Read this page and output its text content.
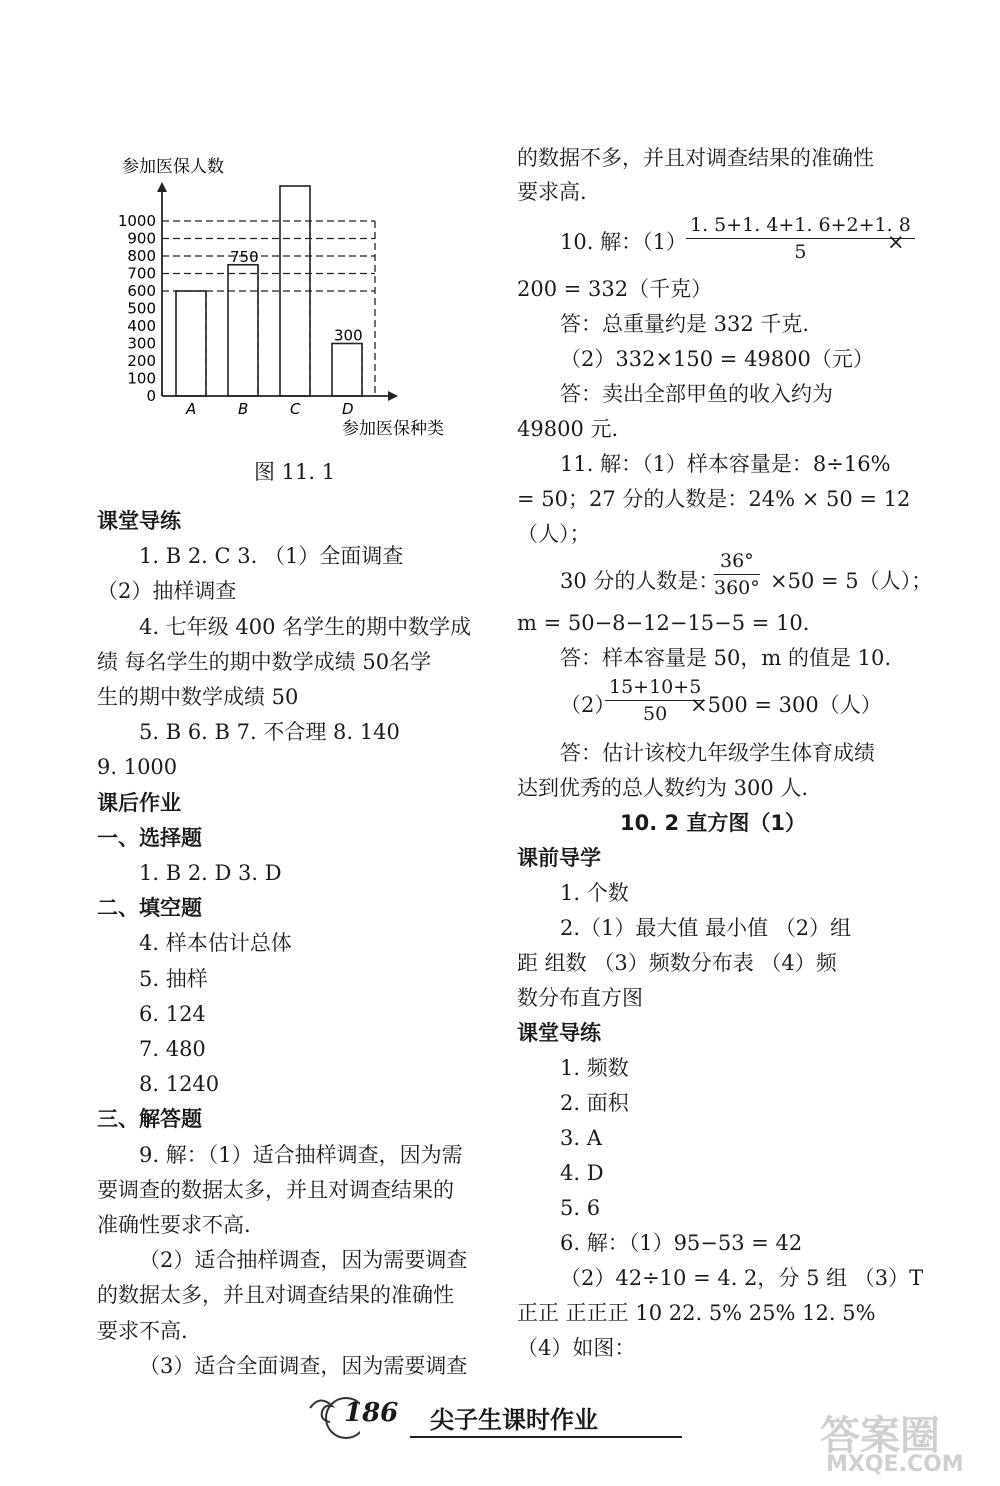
A	B
750
C	D
300
0
100
200
300
400
500
600
700
800
900
1000
参加医保人数
参加医保种类
图 11. 1
课堂导练
1. B 2. C 3. （1）全面调查
（2）抽样调查
4. 七年级 400 名学生的期中数学成
绩 每名学生的期中数学成绩 50名学
生的期中数学成绩 50
5. B 6. B 7. 不合理 8. 140
9. 1000
课后作业
一、选择题
1. B 2. D 3. D
二、填空题
4. 样本估计总体
5. 抽样
6. 124
7. 480
8. 1240
三、解答题
9. 解：（1）适合抽样调查，因为需
要调查的数据太多，并且对调查结果的
准确性要求不高.
（2）适合抽样调查，因为需要调查
的数据太多，并且对调查结果的准确性
要求不高.
（3）适合全面调查，因为需要调查
的数据不多，并且对调查结果的准确性
要求高.
10. 解：$(1) \frac{1. 5+1. 4+1. 6+2+1. 8}{5}$
×
200 = 332（千克）
答：总重量约是 332 千克.
（2）332×150 = 49800（元）
答：卖出全部甲鱼的收入约为
49800 元.
11. 解：（1）样本容量是：8÷16%
= 50；27 分的人数是：24% × 50 = 12
（人）；
30 分的人数是：
$\frac{36^\circ}{360^\circ} \times 50 = 5$（人）；
m = 50−8−12−15−5 = 10.
答：样本容量是 50，m 的值是 10.
（2）
$\frac{15+10+5}{50}$
×500 = 300（人）
答：估计该校九年级学生体育成绩
达到优秀的总人数约为 300 人.
10. 2 直方图（1）
课前导学
1. 个数
2.（1）最大值 最小值 （2）组
距 组数 （3）频数分布表 （4）频
数分布直方图
课堂导练
1. 频数
2. 面积
3. A
4. D
5. 6
6. 解：（1）95−53 = 42
（2）42÷10 = 4. 2，分 5 组 （3）T
正正 正正正 10 22. 5% 25% 12. 5%
（4）如图：
186 尖子生课时作业	答案圈
MXQE.COM
